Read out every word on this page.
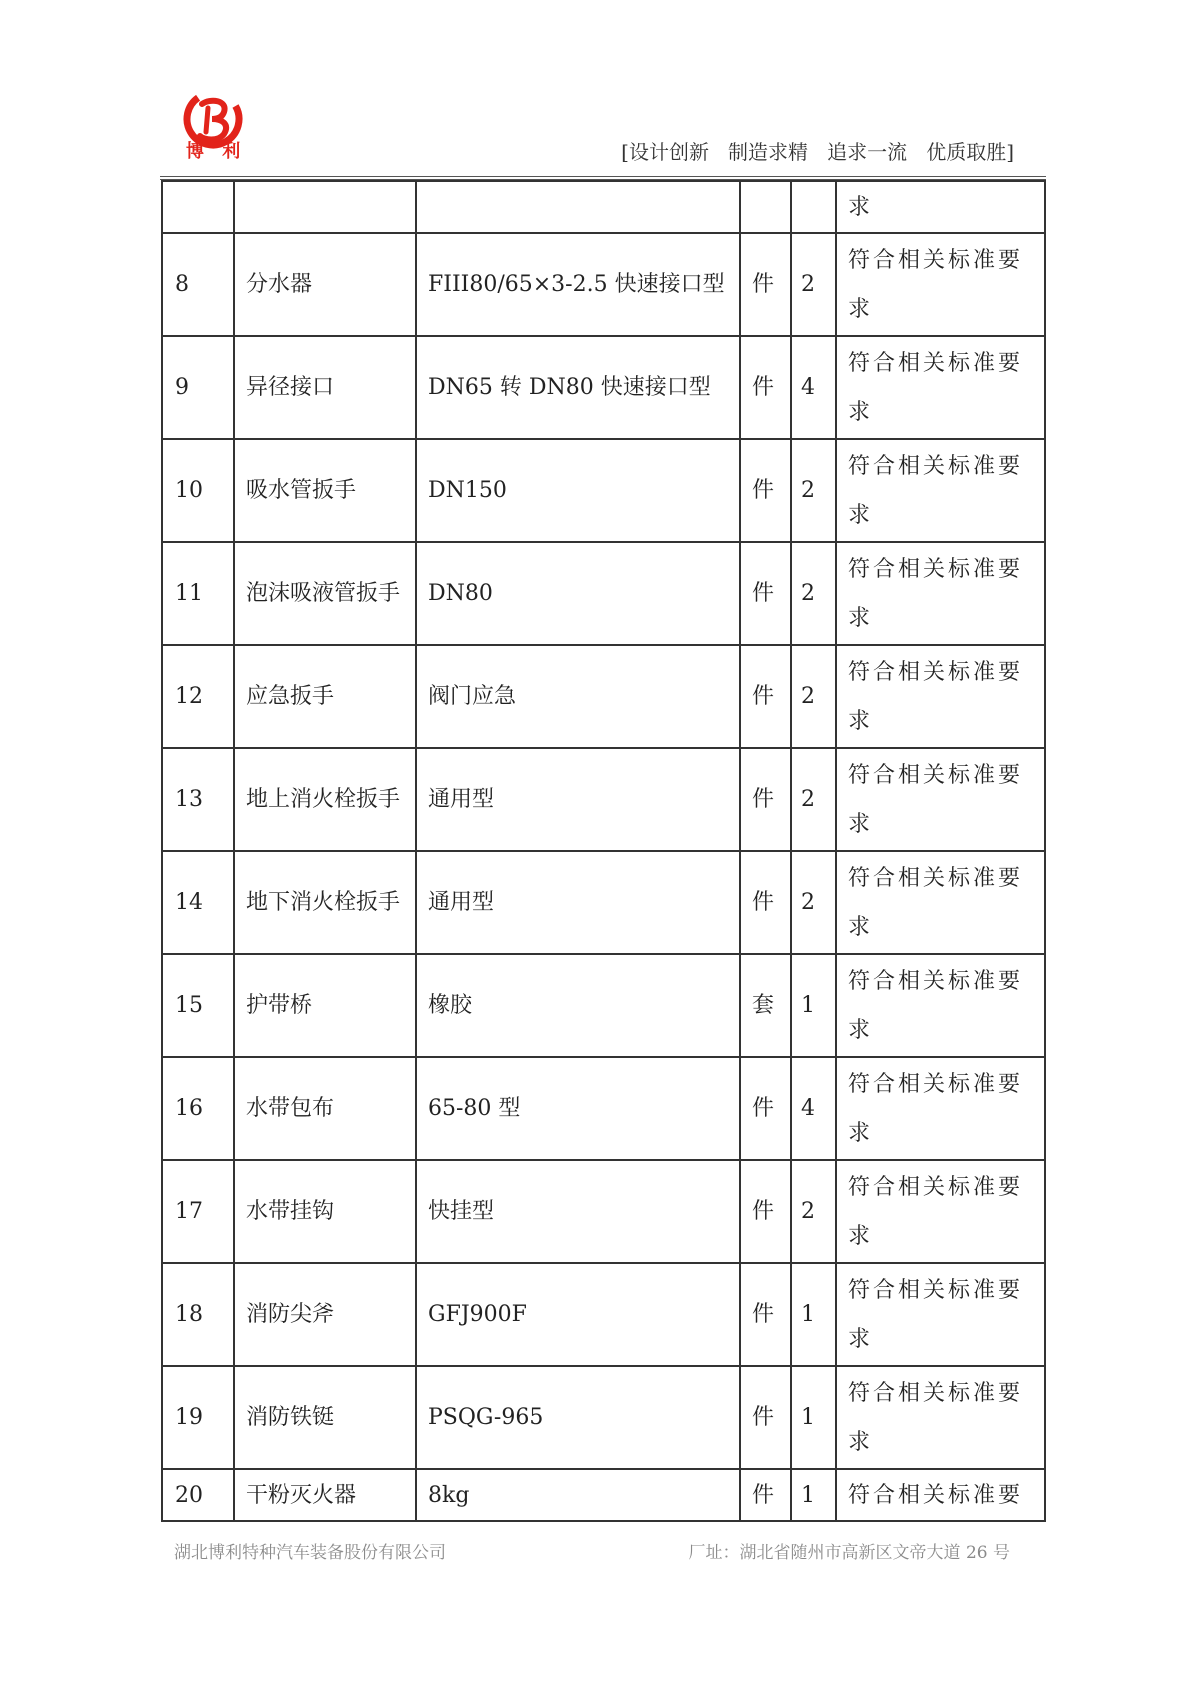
博 利	[设计创新   制造求精   追求一流   优质取胜]
					求
8	分水器	FIII80/65×3-2.5 快速接口型	件	2	符合相关标准要求
9	异径接口	DN65 转 DN80 快速接口型	件	4	符合相关标准要求
10	吸水管扳手	DN150	件	2	符合相关标准要求
11	泡沫吸液管扳手	DN80	件	2	符合相关标准要求
12	应急扳手	阀门应急	件	2	符合相关标准要求
13	地上消火栓扳手	通用型	件	2	符合相关标准要求
14	地下消火栓扳手	通用型	件	2	符合相关标准要求
15	护带桥	橡胶	套	1	符合相关标准要求
16	水带包布	65-80 型	件	4	符合相关标准要求
17	水带挂钩	快挂型	件	2	符合相关标准要求
18	消防尖斧	GFJ900F	件	1	符合相关标准要求
19	消防铁铤	PSQG-965	件	1	符合相关标准要求
20	干粉灭火器	8kg	件	1	符合相关标准要
湖北博利特种汽车装备股份有限公司	厂址：湖北省随州市高新区文帝大道 26 号
